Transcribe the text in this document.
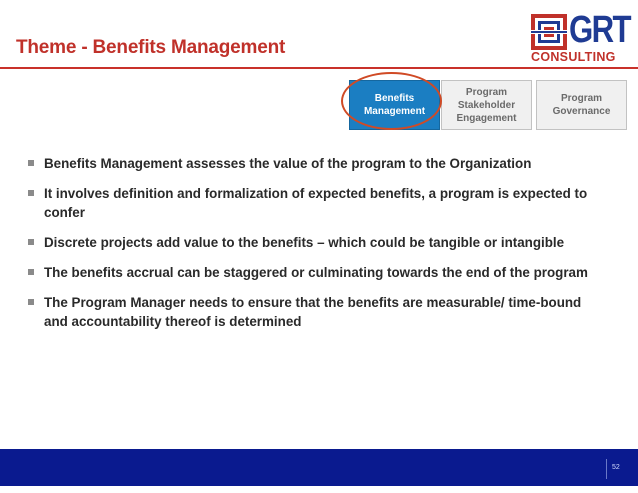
Theme - Benefits Management	GRT
CONSULTING
Benefits
Management
Program
Stakeholder
Engagement
Program
Governance
Benefits Management assesses the value of the program to the Organization
It involves definition and formalization of expected benefits, a program is expected to confer
Discrete projects add value to the benefits – which could be tangible or intangible
The benefits accrual can be staggered or culminating towards the end of the program
The Program Manager needs to ensure that the benefits are measurable/ time-bound and accountability thereof is determined
52
